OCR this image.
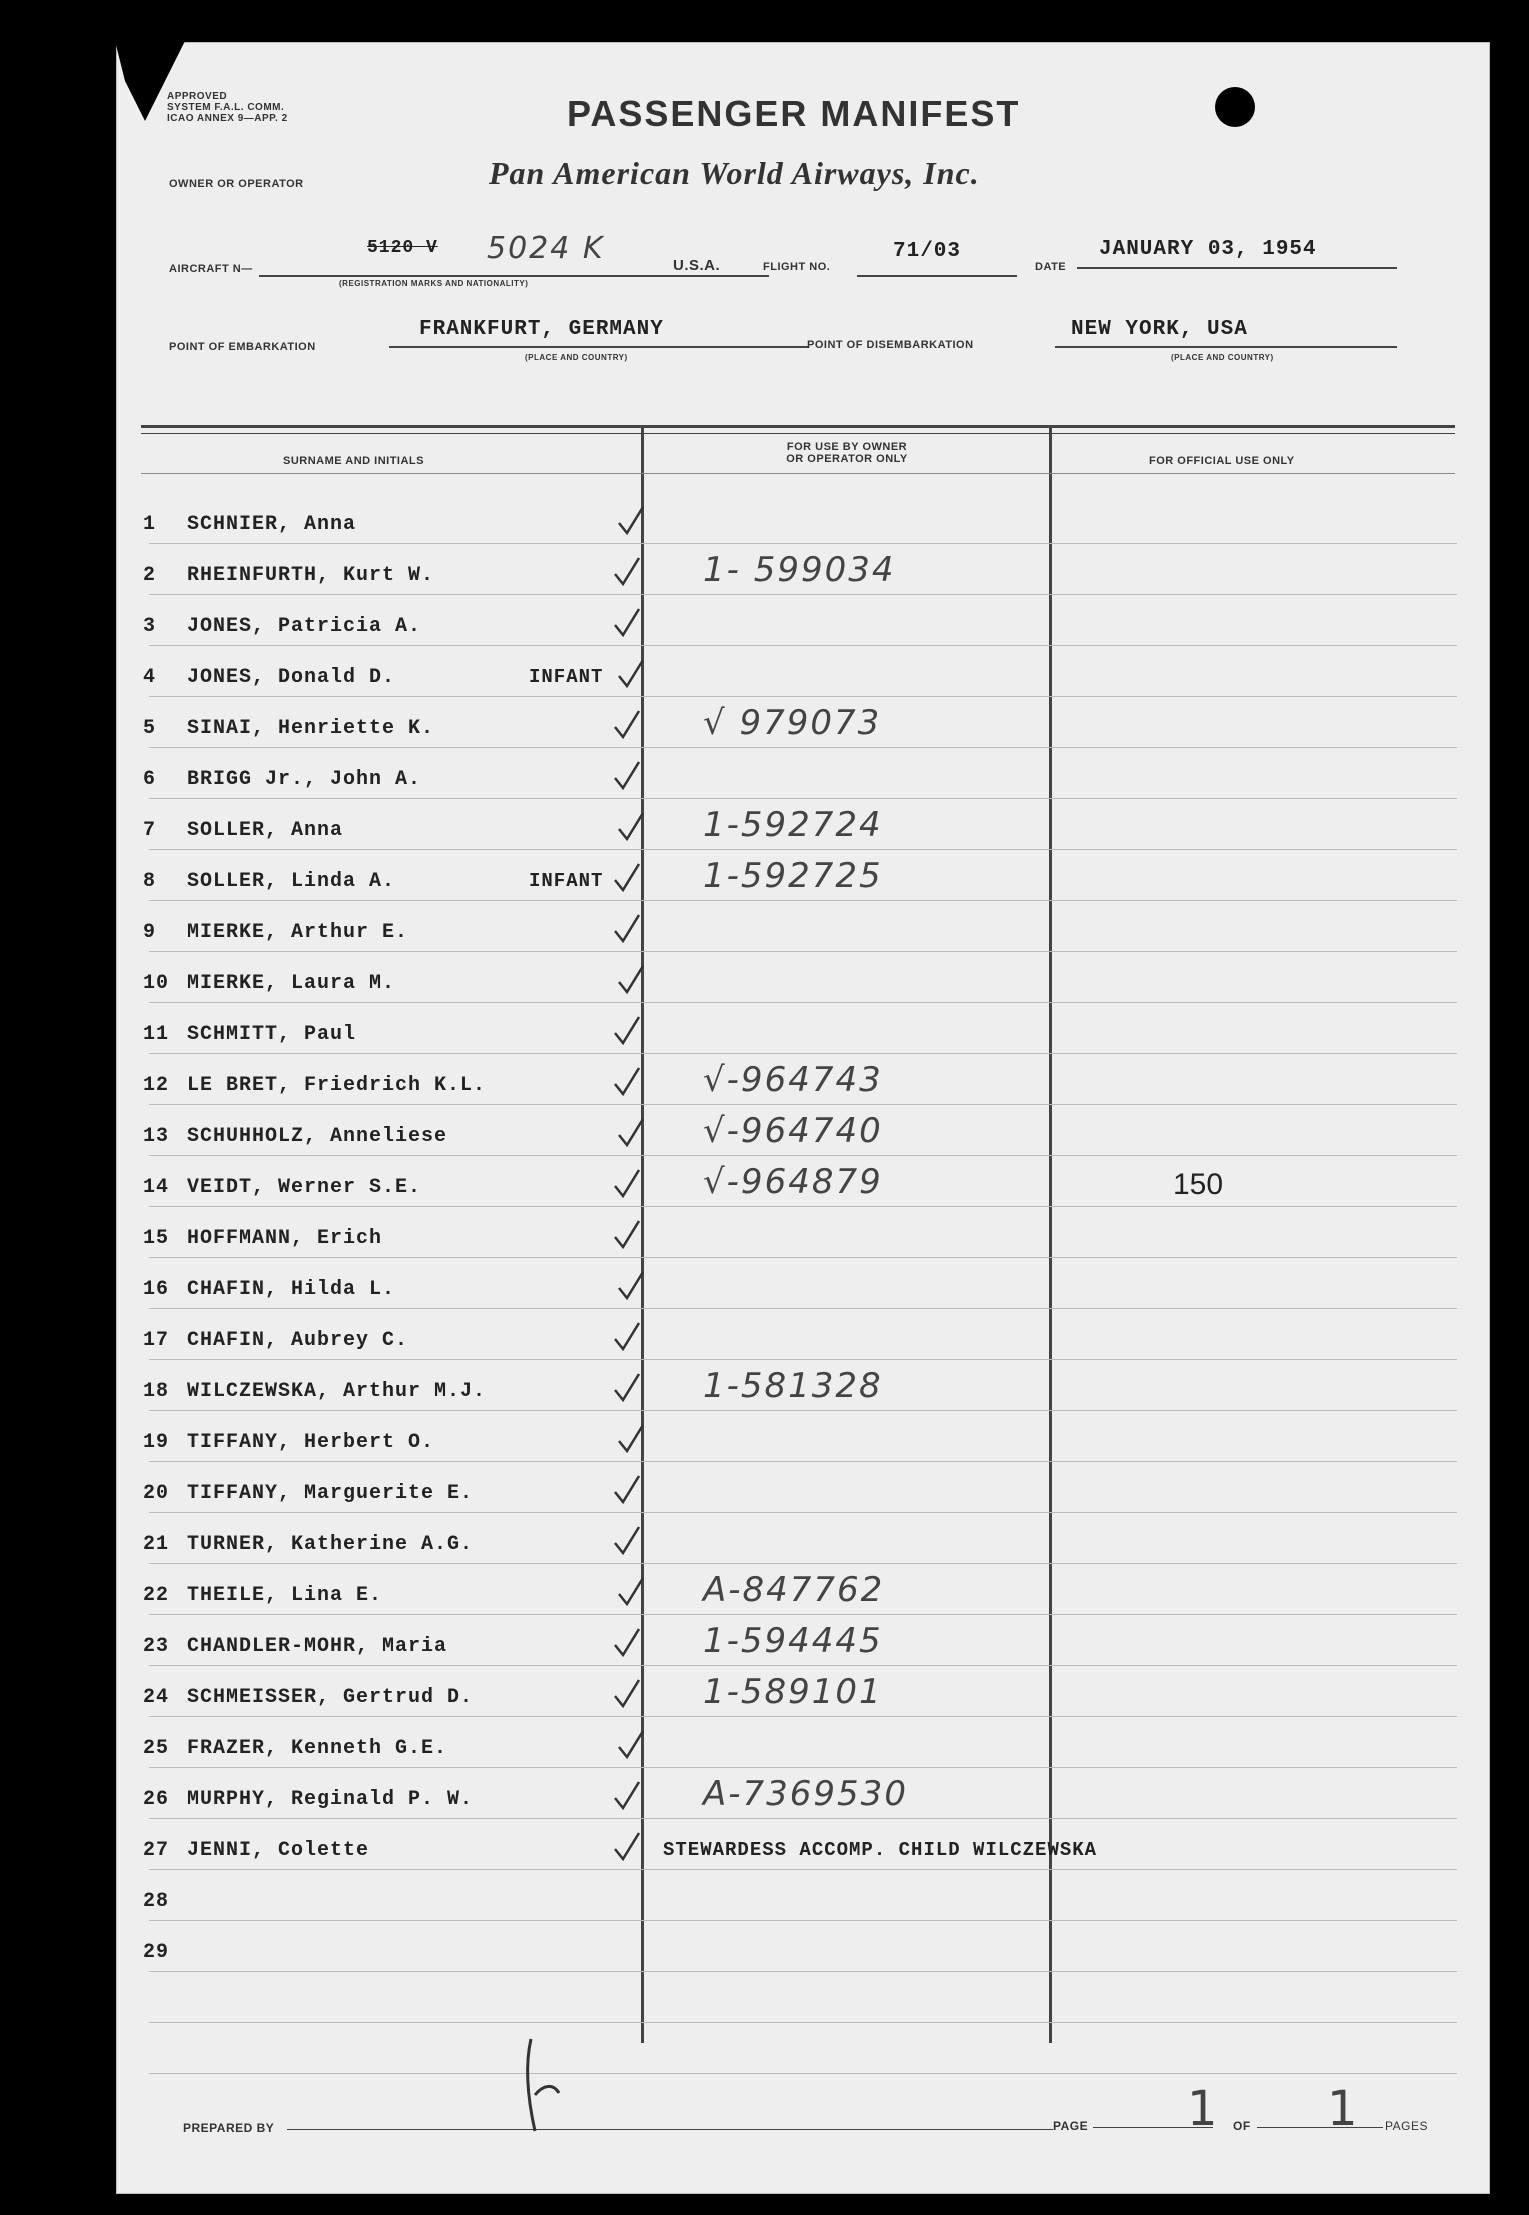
APPROVED
SYSTEM F.A.L. COMM.
ICAO ANNEX 9—APP. 2	PASSENGER MANIFEST
OWNER OR OPERATOR	Pan American World Airways, Inc.
AIRCRAFT N—
5120 V 5024 K
(REGISTRATION MARKS AND NATIONALITY)
U.S.A.	FLIGHT NO.
71/03
DATE
JANUARY 03, 1954
POINT OF EMBARKATION
FRANKFURT, GERMANY
(PLACE AND COUNTRY)
POINT OF DISEMBARKATION
NEW YORK, USA
(PLACE AND COUNTRY)
SURNAME AND INITIALS
FOR USE BY OWNER
OR OPERATOR ONLY	FOR OFFICIAL USE ONLY
1 SCHNIER, Anna
2 RHEINFURTH, Kurt W.	1- 599034
3 JONES, Patricia A.
4 JONES, Donald D.	INFANT
5 SINAI, Henriette K.	√ 979073
6 BRIGG Jr., John A.
7 SOLLER, Anna	1-592724
8 SOLLER, Linda A.	INFANT	1-592725
9 MIERKE, Arthur E.
10 MIERKE, Laura M.
11 SCHMITT, Paul
12 LE BRET, Friedrich K.L.	√-964743
13 SCHUHHOLZ, Anneliese	√-964740
14 VEIDT, Werner S.E.	√-964879	150
15 HOFFMANN, Erich
16 CHAFIN, Hilda L.
17 CHAFIN, Aubrey C.
18 WILCZEWSKA, Arthur M.J.	1-581328
19 TIFFANY, Herbert O.
20 TIFFANY, Marguerite E.
21 TURNER, Katherine A.G.
22 THEILE, Lina E.	A-847762
23 CHANDLER-MOHR, Maria	1-594445
24 SCHMEISSER, Gertrud D.	1-589101
25 FRAZER, Kenneth G.E.
26 MURPHY, Reginald P. W.	A-7369530
27 JENNI, Colette	STEWARDESS ACCOMP. CHILD WILCZEWSKA
28
29
PREPARED BY	PAGE 1 OF 1 PAGES
